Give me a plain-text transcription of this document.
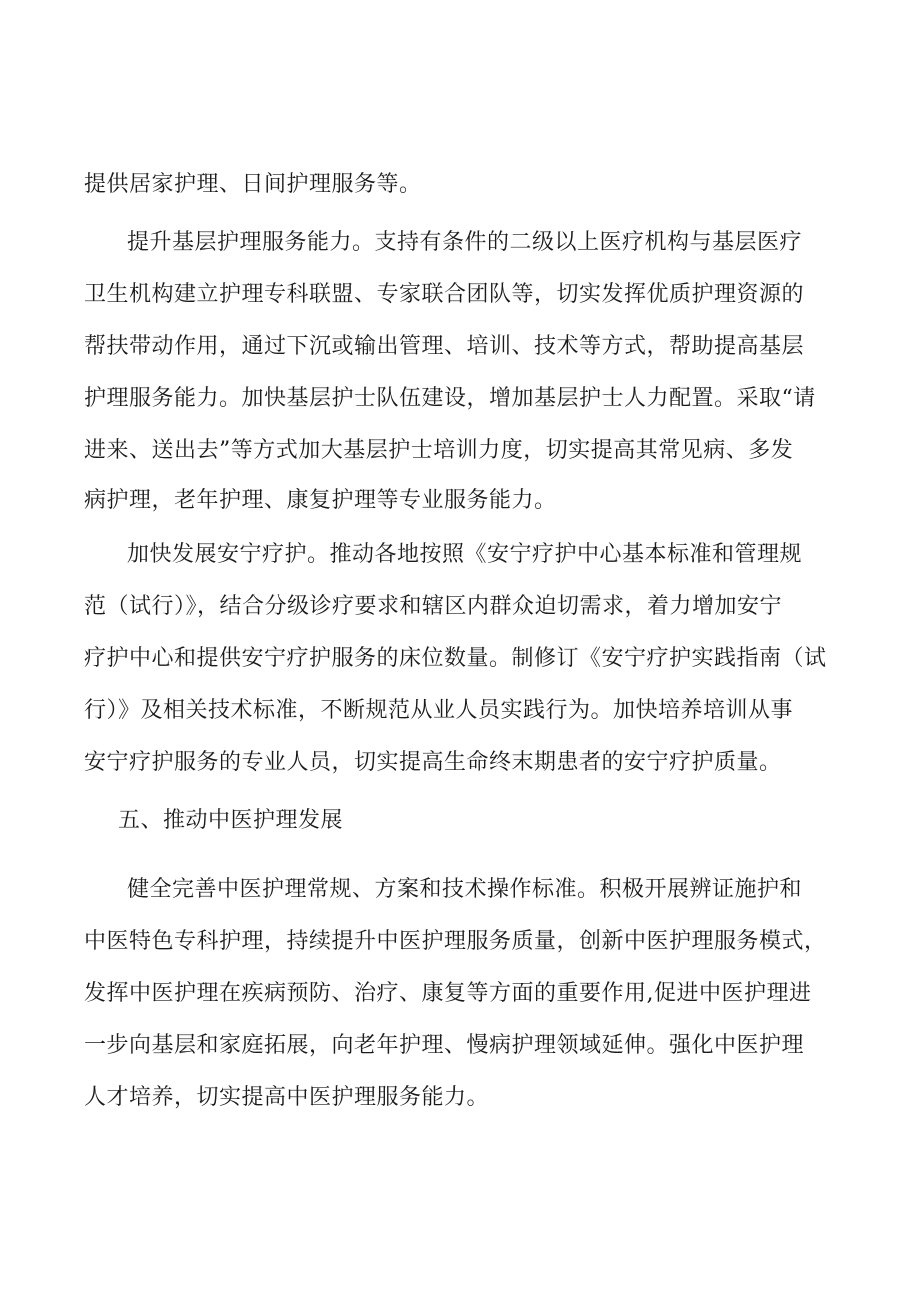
提供居家护理、日间护理服务等。
提升基层护理服务能力。支持有条件的二级以上医疗机构与基层医疗
卫生机构建立护理专科联盟、专家联合团队等，切实发挥优质护理资源的
帮扶带动作用，通过下沉或输出管理、培训、技术等方式，帮助提高基层
护理服务能力。加快基层护士队伍建设，增加基层护士人力配置。采取“请
进来、送出去”等方式加大基层护士培训力度，切实提高其常见病、多发
病护理，老年护理、康复护理等专业服务能力。
加快发展安宁疗护。推动各地按照《安宁疗护中心基本标准和管理规
范（试行）》，结合分级诊疗要求和辖区内群众迫切需求，着力增加安宁
疗护中心和提供安宁疗护服务的床位数量。制修订《安宁疗护实践指南（试
行）》及相关技术标准，不断规范从业人员实践行为。加快培养培训从事
安宁疗护服务的专业人员，切实提高生命终末期患者的安宁疗护质量。
五、推动中医护理发展
健全完善中医护理常规、方案和技术操作标准。积极开展辨证施护和
中医特色专科护理，持续提升中医护理服务质量，创新中医护理服务模式，
发挥中医护理在疾病预防、治疗、康复等方面的重要作用,促进中医护理进
一步向基层和家庭拓展，向老年护理、慢病护理领域延伸。强化中医护理
人才培养，切实提高中医护理服务能力。
